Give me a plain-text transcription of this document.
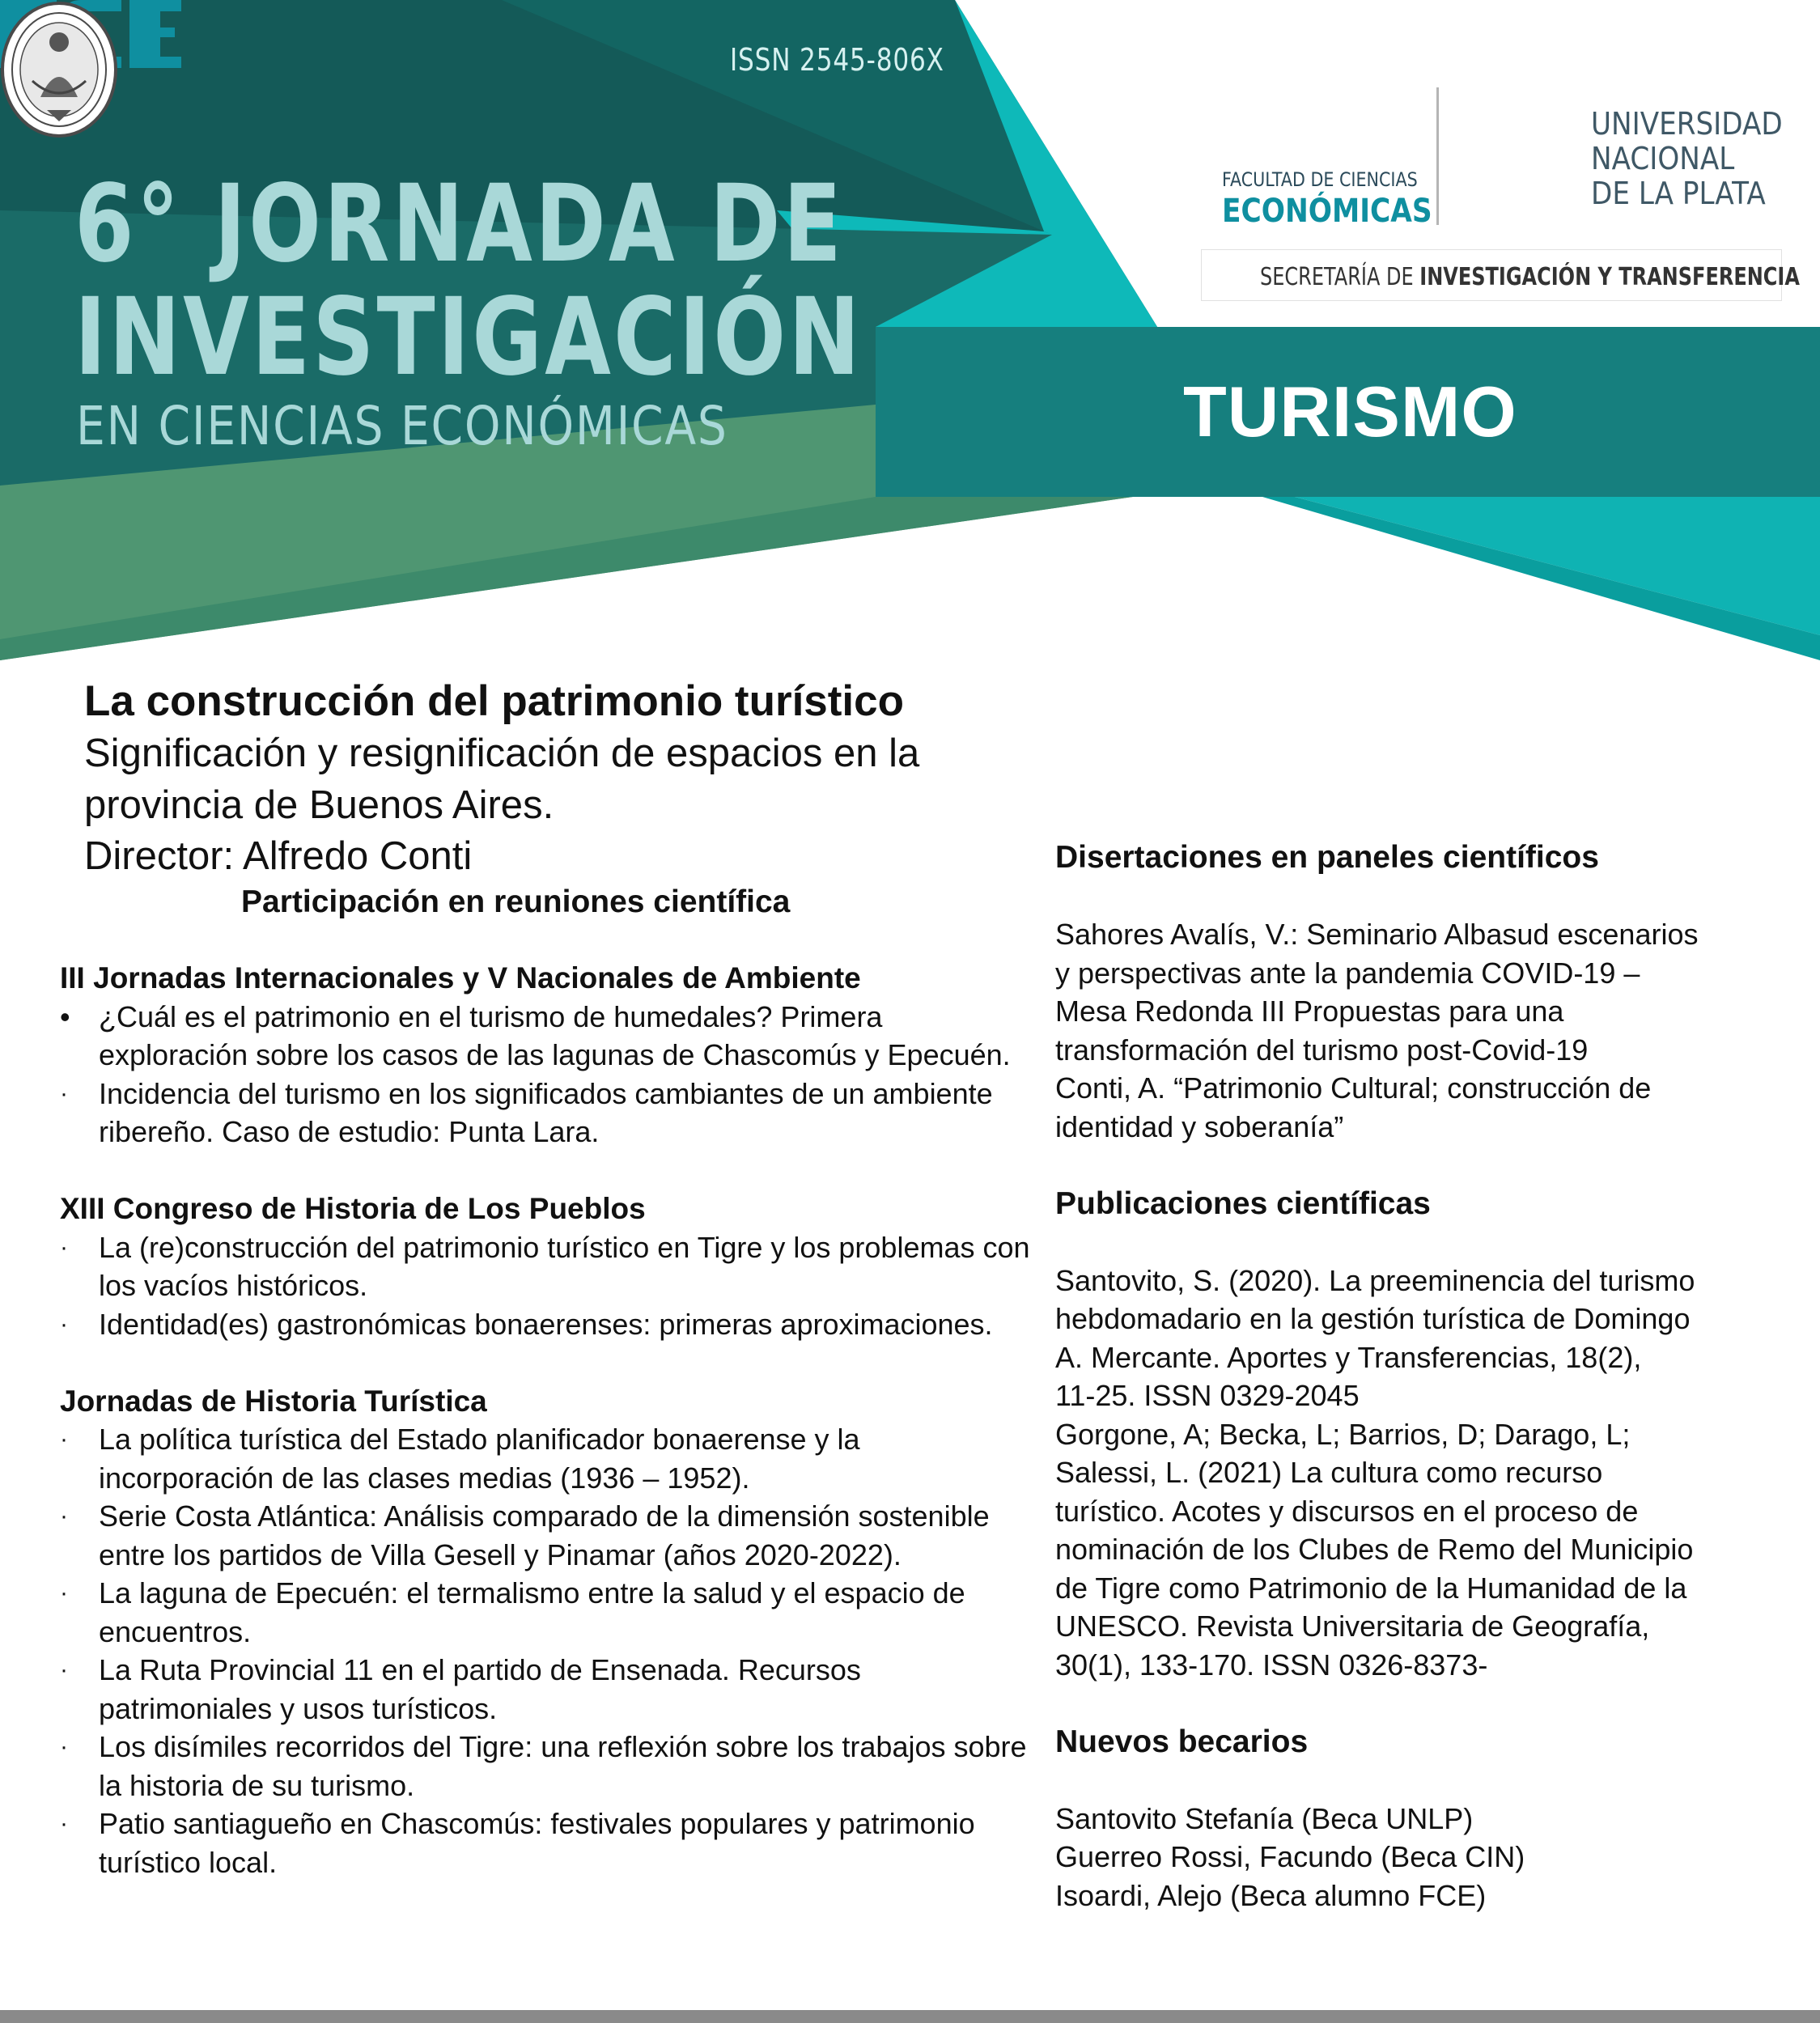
ISSN 2545-806X
6° JORNADA DE
INVESTIGACIÓN
EN CIENCIAS ECONÓMICAS
FACULTAD DE CIENCIAS
ECONÓMICAS
UNIVERSIDAD
NACIONAL
DE LA PLATA
SECRETARÍA DE INVESTIGACIÓN Y TRANSFERENCIA
TURISMO
La construcción del patrimonio turístico
Significación y resignificación de espacios en la
provincia de Buenos Aires.
Director: Alfredo Conti
Participación en reuniones científica
III Jornadas Internacionales y V Nacionales de Ambiente
• ¿Cuál es el patrimonio en el turismo de humedales? Primera exploración sobre los casos de las lagunas de Chascomús y Epecuén.
· Incidencia del turismo en los significados cambiantes de un ambiente ribereño. Caso de estudio: Punta Lara.
XIII Congreso de Historia de Los Pueblos
· La (re)construcción del patrimonio turístico en Tigre y los problemas con los vacíos históricos.
· Identidad(es) gastronómicas bonaerenses: primeras aproximaciones.
Jornadas de Historia Turística
· La política turística del Estado planificador bonaerense y la incorporación de las clases medias (1936 – 1952).
· Serie Costa Atlántica: Análisis comparado de la dimensión sostenible entre los partidos de Villa Gesell y Pinamar (años 2020-2022).
· La laguna de Epecuén: el termalismo entre la salud y el espacio de encuentros.
· La Ruta Provincial 11 en el partido de Ensenada. Recursos patrimoniales y usos turísticos.
· Los disímiles recorridos del Tigre: una reflexión sobre los trabajos sobre la historia de su turismo.
· Patio santiagueño en Chascomús: festivales populares y patrimonio turístico local.
Disertaciones en paneles científicos
Sahores Avalís, V.: Seminario Albasud escenarios
y perspectivas ante la pandemia COVID-19 –
Mesa Redonda III Propuestas para una
transformación del turismo post-Covid-19
Conti, A. “Patrimonio Cultural; construcción de
identidad y soberanía”
Publicaciones científicas
Santovito, S. (2020). La preeminencia del turismo
hebdomadario en la gestión turística de Domingo
A. Mercante. Aportes y Transferencias, 18(2),
11-25. ISSN 0329-2045
Gorgone, A; Becka, L; Barrios, D; Darago, L;
Salessi, L. (2021) La cultura como recurso
turístico. Acotes y discursos en el proceso de
nominación de los Clubes de Remo del Municipio
de Tigre como Patrimonio de la Humanidad de la
UNESCO. Revista Universitaria de Geografía,
30(1), 133-170. ISSN 0326-8373-
Nuevos becarios
Santovito Stefanía (Beca UNLP)
Guerreo Rossi, Facundo (Beca CIN)
Isoardi, Alejo (Beca alumno FCE)
